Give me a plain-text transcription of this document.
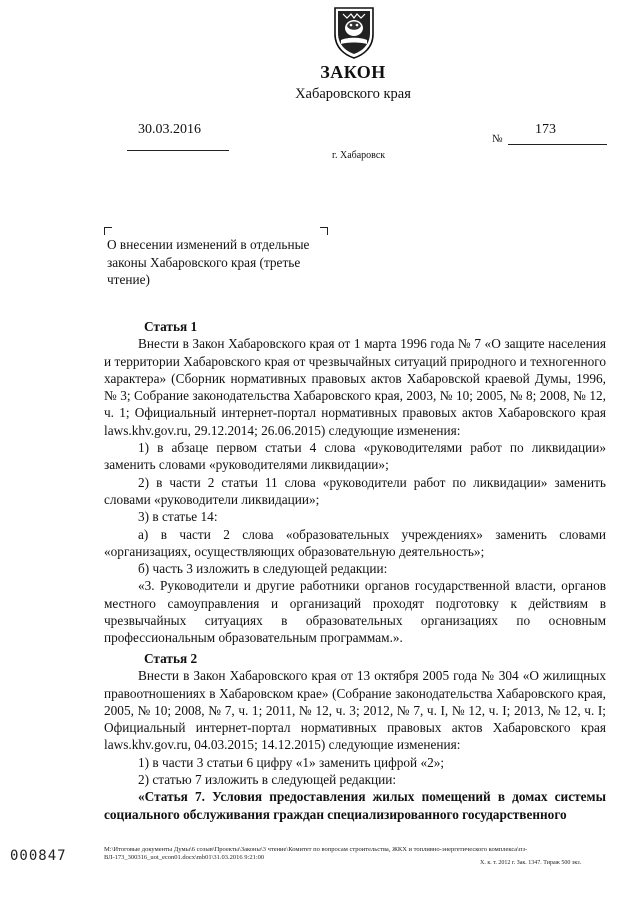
ЗАКОН
Хабаровского края
30.03.2016
№
173
г. Хабаровск
О внесении изменений в отдельные законы Хабаровского края (третье чтение)

Статья 1

Внести в Закон Хабаровского края от 1 марта 1996 года № 7 «О защите населения и территории Хабаровского края от чрезвычайных ситуаций природного и техногенного характера» (Сборник нормативных правовых актов Хабаровской краевой Думы, 1996, № 3; Собрание законодательства Хабаровского края, 2003, № 10; 2005, № 8; 2008, № 12, ч. 1; Официальный интернет-портал нормативных правовых актов Хабаровского края laws.khv.gov.ru, 29.12.2014; 26.06.2015) следующие изменения:

1) в абзаце первом статьи 4 слова «руководителями работ по ликвидации» заменить словами «руководителями ликвидации»;

2) в части 2 статьи 11 слова «руководители работ по ликвидации» заменить словами «руководители ликвидации»;

3) в статье 14:

а) в части 2 слова «образовательных учреждениях» заменить словами «организациях, осуществляющих образовательную деятельность»;

б) часть 3 изложить в следующей редакции:

«3. Руководители и другие работники органов государственной власти, органов местного самоуправления и организаций проходят подготовку к действиям в чрезвычайных ситуациях в образовательных организациях по основным профессиональным образовательным программам.».

Статья 2

Внести в Закон Хабаровского края от 13 октября 2005 года № 304 «О жилищных правоотношениях в Хабаровском крае» (Собрание законодательства Хабаровского края, 2005, № 10; 2008, № 7, ч. 1; 2011, № 12, ч. 3; 2012, № 7, ч. I, № 12, ч. I; 2013, № 12, ч. I; Официальный интернет-портал нормативных правовых актов Хабаровского края laws.khv.gov.ru, 04.03.2015; 14.12.2015) следующие изменения:

1) в части 3 статьи 6 цифру «1» заменить цифрой «2»;

2) статью 7 изложить в следующей редакции:

«Статья 7. Условия предоставления жилых помещений в домах системы социального обслуживания граждан специализированного государственного

М:\Итоговые документы Думы\6 созыв\Проекты\Законы\3 чтение\Комитет по вопросам строительства, ЖКХ и топливно-энергетического комплекса\пз-
ВЛ-173_300316_uot_econ01.docx\mb01\31.03.2016 9:21:00
Х. к. т. 2012 г. Зак. 1347. Тираж 500 экз.
000847
